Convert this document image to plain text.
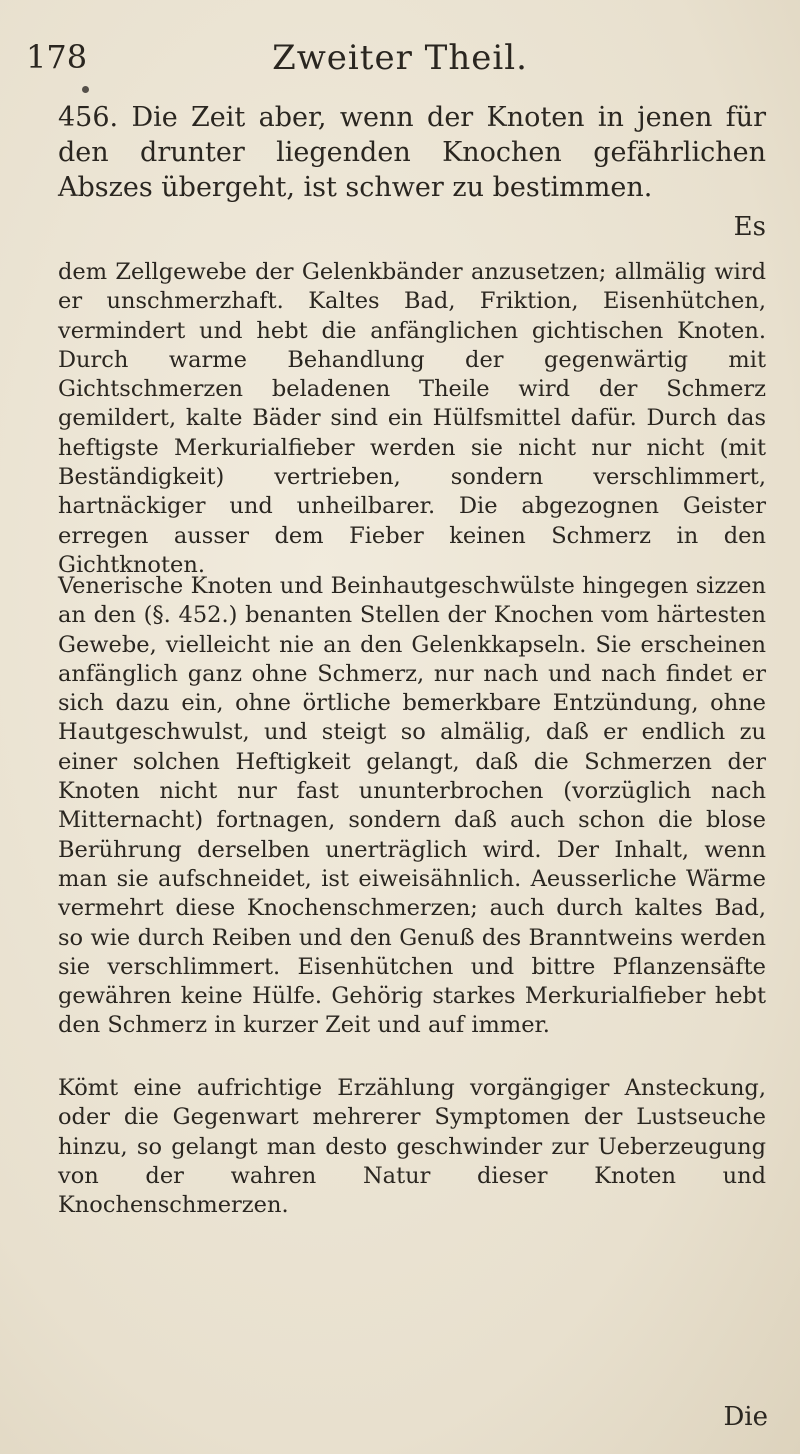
178	Zweiter Theil.

456. Die Zeit aber, wenn der Knoten in jenen für den drunter liegenden Knochen gefährlichen Abszes übergeht, ist schwer zu bestimmen.

Es

dem Zellgewebe der Gelenkbänder anzusetzen; allmälig wird er unschmerzhaft. Kaltes Bad, Friktion, Eisenhütchen, vermindert und hebt die anfänglichen gichtischen Knoten. Durch warme Behandlung der gegenwärtig mit Gichtschmerzen beladenen Theile wird der Schmerz gemildert, kalte Bäder sind ein Hülfsmittel dafür. Durch das heftigste Merkurialfieber werden sie nicht nur nicht (mit Beständigkeit) vertrieben, sondern verschlimmert, hartnäckiger und unheilbarer. Die abgezognen Geister erregen ausser dem Fieber keinen Schmerz in den Gichtknoten.

Venerische Knoten und Beinhautgeschwülste hingegen sizzen an den (§. 452.) benanten Stellen der Knochen vom härtesten Gewebe, vielleicht nie an den Gelenkkapseln. Sie erscheinen anfänglich ganz ohne Schmerz, nur nach und nach findet er sich dazu ein, ohne örtliche bemerkbare Entzündung, ohne Hautgeschwulst, und steigt so almälig, daß er endlich zu einer solchen Heftigkeit gelangt, daß die Schmerzen der Knoten nicht nur fast ununterbrochen (vorzüglich nach Mitternacht) fortnagen, sondern daß auch schon die blose Berührung derselben unerträglich wird. Der Inhalt, wenn man sie aufschneidet, ist eiweisähnlich. Aeusserliche Wärme vermehrt diese Knochenschmerzen; auch durch kaltes Bad, so wie durch Reiben und den Genuß des Branntweins werden sie verschlimmert. Eisenhütchen und bittre Pflanzensäfte gewähren keine Hülfe. Gehörig starkes Merkurialfieber hebt den Schmerz in kurzer Zeit und auf immer.

Kömt eine aufrichtige Erzählung vorgängiger Ansteckung, oder die Gegenwart mehrerer Symptomen der Lustseuche hinzu, so gelangt man desto geschwinder zur Ueberzeugung von der wahren Natur dieser Knoten und Knochenschmerzen.

Die
